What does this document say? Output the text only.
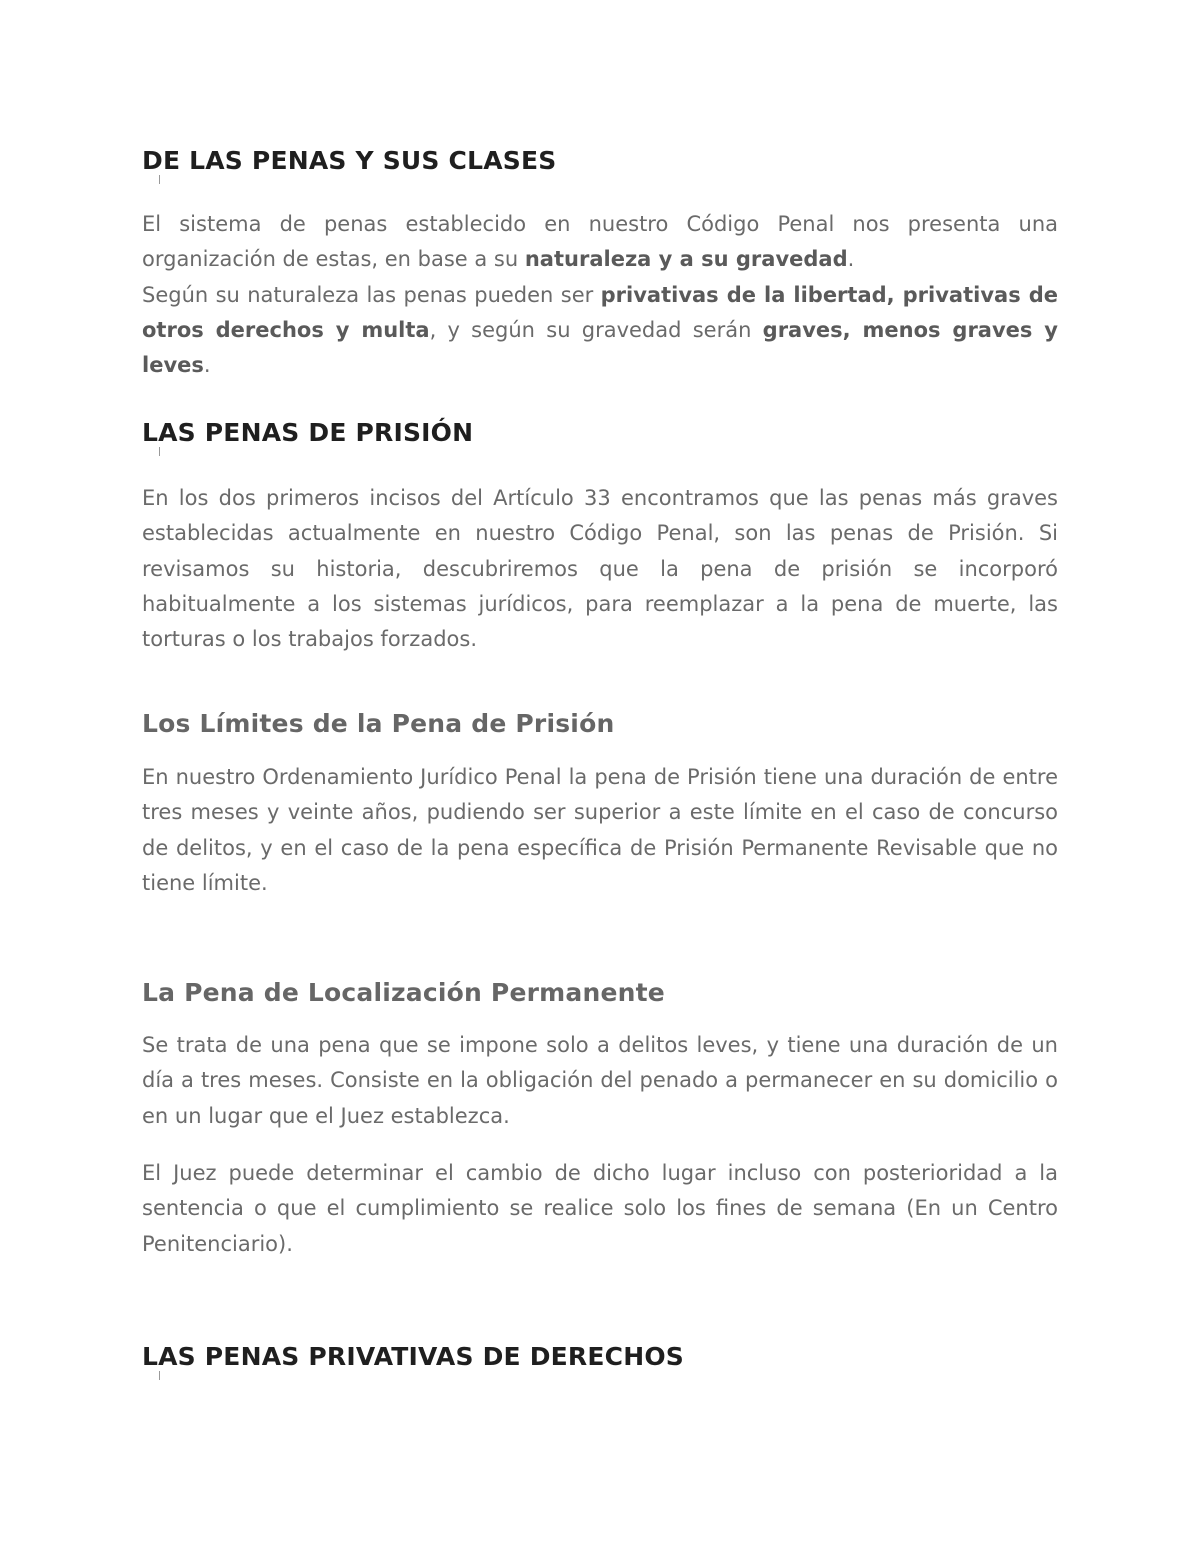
DE LAS PENAS Y SUS CLASES

El sistema de penas establecido en nuestro Código Penal nos presenta una organización de estas, en base a su naturaleza y a su gravedad.

Según su naturaleza las penas pueden ser privativas de la libertad, privativas de otros derechos y multa, y según su gravedad serán graves, menos graves y leves.

LAS PENAS DE PRISIÓN

En los dos primeros incisos del Artículo 33 encontramos que las penas más graves establecidas actualmente en nuestro Código Penal, son las penas de Prisión. Si revisamos su historia, descubriremos que la pena de prisión se incorporó habitualmente a los sistemas jurídicos, para reemplazar a la pena de muerte, las torturas o los trabajos forzados.

Los Límites de la Pena de Prisión

En nuestro Ordenamiento Jurídico Penal la pena de Prisión tiene una duración de entre tres meses y veinte años, pudiendo ser superior a este límite en el caso de concurso de delitos, y en el caso de la pena específica de Prisión Permanente Revisable que no tiene límite.

La Pena de Localización Permanente

Se trata de una pena que se impone solo a delitos leves, y tiene una duración de un día a tres meses. Consiste en la obligación del penado a permanecer en su domicilio o en un lugar que el Juez establezca.

El Juez puede determinar el cambio de dicho lugar incluso con posterioridad a la sentencia o que el cumplimiento se realice solo los fines de semana (En un Centro Penitenciario).

LAS PENAS PRIVATIVAS DE DERECHOS
